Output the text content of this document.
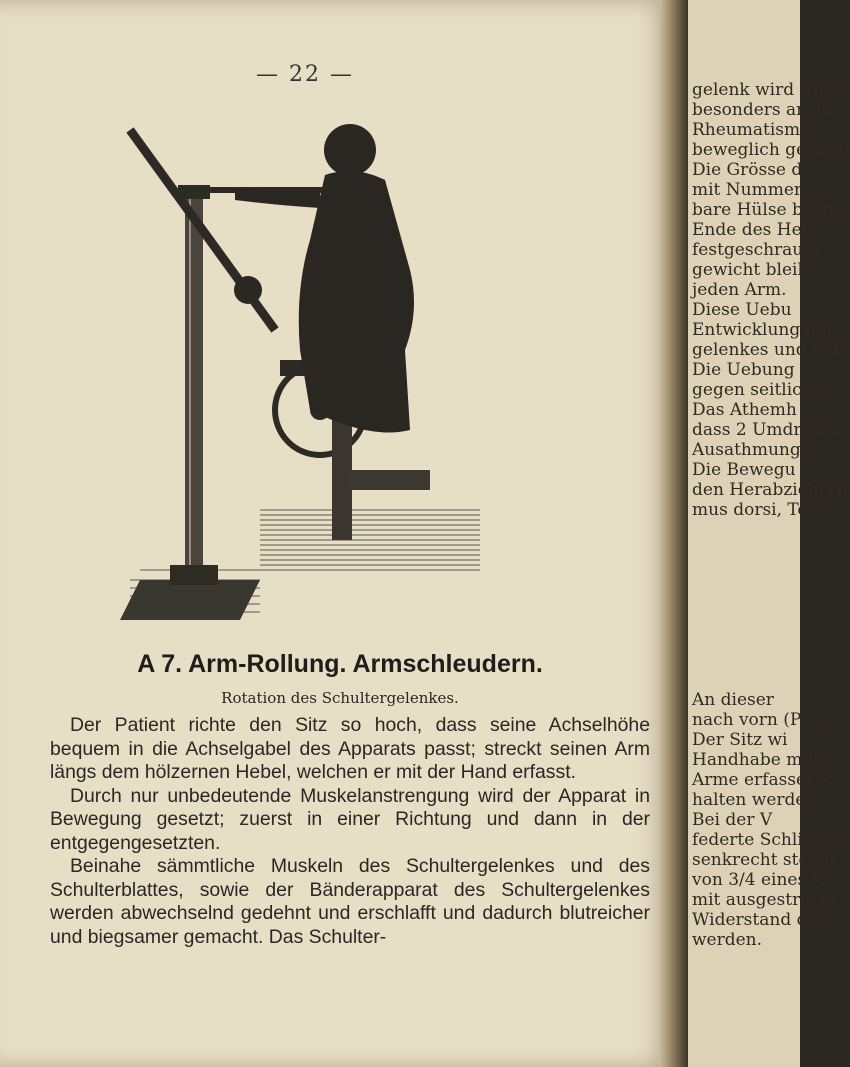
— 22 —
A 7. Arm-Rollung. Armschleudern.
Rotation des Schultergelenkes.

Der Patient richte den Sitz so hoch, dass seine Achselhöhe bequem in die Achselgabel des Apparats passt; streckt seinen Arm längs dem hölzernen Hebel, welchen er mit der Hand erfasst.

Durch nur unbedeutende Muskelanstrengung wird der Apparat in Bewegung gesetzt; zuerst in einer Richtung und dann in der entgegengesetzten.

Beinahe sämmtliche Muskeln des Schultergelenkes und des Schulterblattes, sowie der Bänderapparat des Schultergelenkes werden abwechselnd gedehnt und erschlafft und dadurch blutreicher und biegsamer gemacht. Das Schulter-

gelenk wird freie
besonders anzuw
Rheumatismus, L
beweglich geword
Die Grösse d
mit Nummern ve
bare Hülse bestin
Ende des Heb
festgeschraubt
gewicht bleibe. -
jeden Arm.
Diese Uebu
Entwicklung der
gelenkes und Sch
Die Uebung
gegen seitliche V
Das Athemh
dass 2 Umdrehun
Ausathmung k
Die Bewegu
den Herabziehern
mus dorsi, Teres
An dieser
nach vorn (Pron
Der Sitz wi
Handhabe mit d
Arme erfassen k
halten werden.
Bei der V
federte Schliessb
senkrecht stehen.
von 3/4 eines K
mit ausgestreckt
Widerstand des
werden.
